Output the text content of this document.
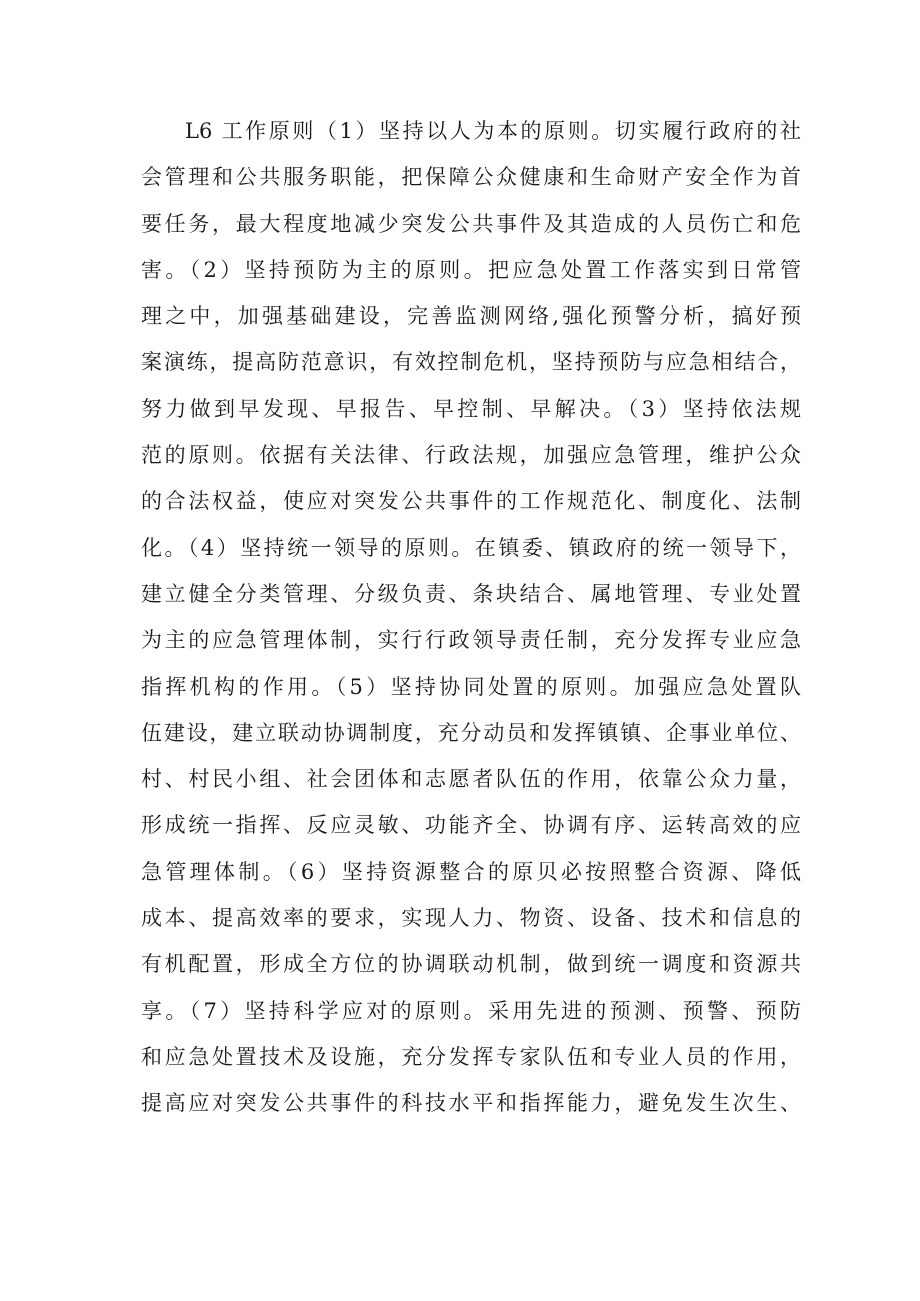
L6 工作原则（1）坚持以人为本的原则。切实履行政府的社
会管理和公共服务职能，把保障公众健康和生命财产安全作为首
要任务，最大程度地减少突发公共事件及其造成的人员伤亡和危
害。（2）坚持预防为主的原则。把应急处置工作落实到日常管
理之中，加强基础建设，完善监测网络,强化预警分析，搞好预
案演练，提高防范意识，有效控制危机，坚持预防与应急相结合，
努力做到早发现、早报告、早控制、早解决。（3）坚持依法规
范的原则。依据有关法律、行政法规，加强应急管理，维护公众
的合法权益，使应对突发公共事件的工作规范化、制度化、法制
化。（4）坚持统一领导的原则。在镇委、镇政府的统一领导下，
建立健全分类管理、分级负责、条块结合、属地管理、专业处置
为主的应急管理体制，实行行政领导责任制，充分发挥专业应急
指挥机构的作用。（5）坚持协同处置的原则。加强应急处置队
伍建设，建立联动协调制度，充分动员和发挥镇镇、企事业单位、
村、村民小组、社会团体和志愿者队伍的作用，依靠公众力量，
形成统一指挥、反应灵敏、功能齐全、协调有序、运转高效的应
急管理体制。（6）坚持资源整合的原贝必按照整合资源、降低
成本、提高效率的要求，实现人力、物资、设备、技术和信息的
有机配置，形成全方位的协调联动机制，做到统一调度和资源共
享。（7）坚持科学应对的原则。采用先进的预测、预警、预防
和应急处置技术及设施，充分发挥专家队伍和专业人员的作用，
提高应对突发公共事件的科技水平和指挥能力，避免发生次生、
